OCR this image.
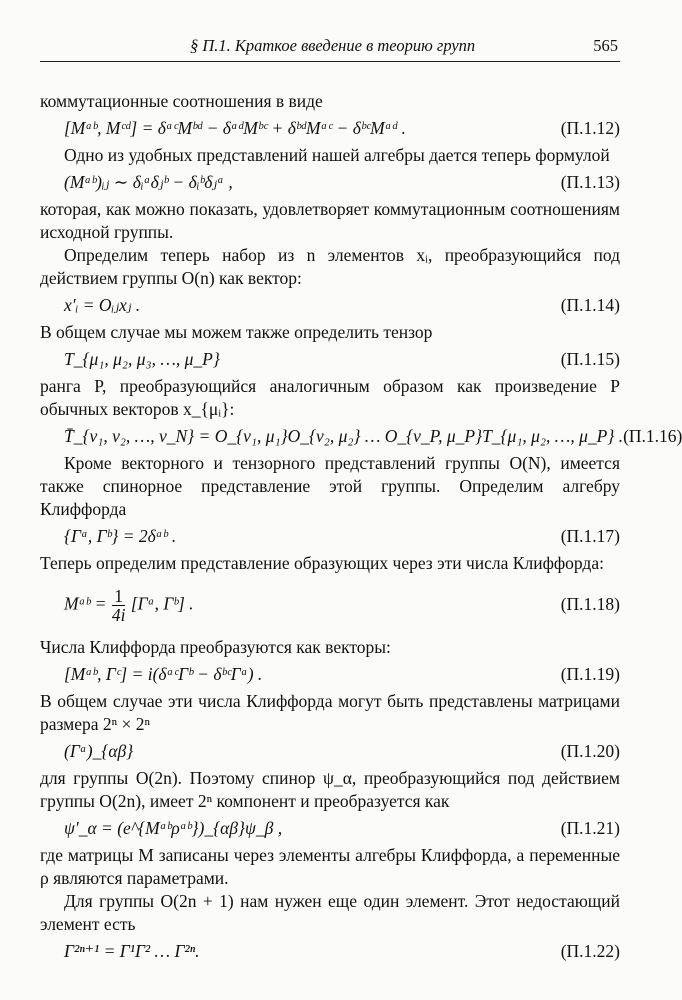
§ П.1. Краткое введение в теорию групп	565

коммутационные соотношения в виде

[Mᵃᵇ, Mᶜᵈ] = δᵃᶜMᵇᵈ − δᵃᵈMᵇᶜ + δᵇᵈMᵃᶜ − δᵇᶜMᵃᵈ .	(П.1.12)

Одно из удобных представлений нашей алгебры дается теперь формулой

(Mᵃᵇ)ᵢⱼ ∼ δᵢᵃδⱼᵇ − δᵢᵇδⱼᵃ ,	(П.1.13)

которая, как можно показать, удовлетворяет коммутационным соотношениям исходной группы.

Определим теперь набор из n элементов xᵢ, преобразующийся под действием группы O(n) как вектор:

x′ᵢ = Oᵢⱼxⱼ .	(П.1.14)

В общем случае мы можем также определить тензор

T_{μ₁, μ₂, μ₃, …, μ_P}	(П.1.15)

ранга P, преобразующийся аналогичным образом как произведение P обычных векторов x_{μᵢ}:

T̄_{ν₁, ν₂, …, ν_N} = O_{ν₁, μ₁}O_{ν₂, μ₂} … O_{ν_P, μ_P}T_{μ₁, μ₂, …, μ_P} . (П.1.16)

Кроме векторного и тензорного представлений группы O(N), имеется также спинорное представление этой группы. Определим алгебру Клиффорда

{Γᵃ, Γᵇ} = 2δᵃᵇ .	(П.1.17)

Теперь определим представление образующих через эти числа Клиффорда:

Mᵃᵇ = $\frac{1}{4i}$ [Γᵃ, Γᵇ] .	(П.1.18)

Числа Клиффорда преобразуются как векторы:

[Mᵃᵇ, Γᶜ] = i(δᵃᶜΓᵇ − δᵇᶜΓᵃ) .	(П.1.19)

В общем случае эти числа Клиффорда могут быть представлены матрицами размера 2ⁿ × 2ⁿ

(Γᵃ)_{αβ}	(П.1.20)

для группы O(2n). Поэтому спинор ψ_α, преобразующийся под действием группы O(2n), имеет 2ⁿ компонент и преобразуется как

ψ′_α = (e^{Mᵃᵇρᵃᵇ})_{αβ}ψ_β ,	(П.1.21)

где матрицы M записаны через элементы алгебры Клиффорда, а переменные ρ являются параметрами.

Для группы O(2n + 1) нам нужен еще один элемент. Этот недостающий элемент есть

Γ²ⁿ⁺¹ = Γ¹Γ² … Γ²ⁿ.	(П.1.22)
